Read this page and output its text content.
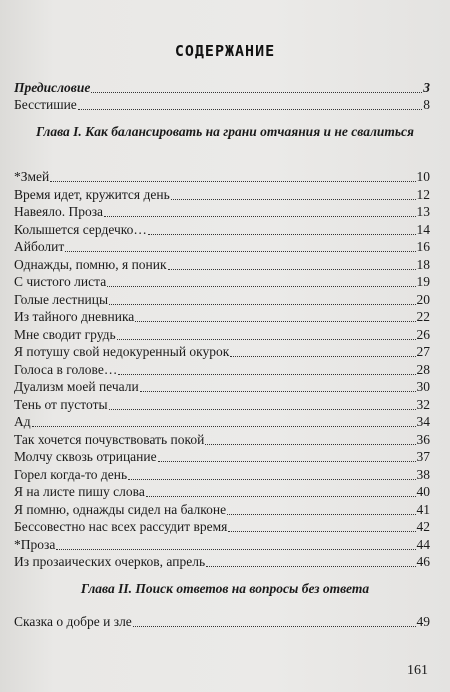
СОДЕРЖАНИЕ
Предисловие	3
Бесстишие	8
Глава I. Как балансировать на грани отчаяния и не свалиться
*Змей	10
Время идет, кружится день	12
Навеяло. Проза	13
Колышется сердечко…	14
Айболит	16
Однажды, помню, я поник	18
С чистого листа	19
Голые лестницы	20
Из тайного дневника	22
Мне сводит грудь	26
Я потушу свой недокуренный окурок	27
Голоса в голове…	28
Дуализм моей печали	30
Тень от пустоты	32
Ад	34
Так хочется почувствовать покой	36
Молчу сквозь отрицание	37
Горел когда-то день	38
Я на листе пишу слова	40
Я помню, однажды сидел на балконе	41
Бессовестно нас всех рассудит время	42
*Проза	44
Из прозаических очерков, апрель	46
Глава II. Поиск ответов на вопросы без ответа
Сказка о добре и зле	49
161
